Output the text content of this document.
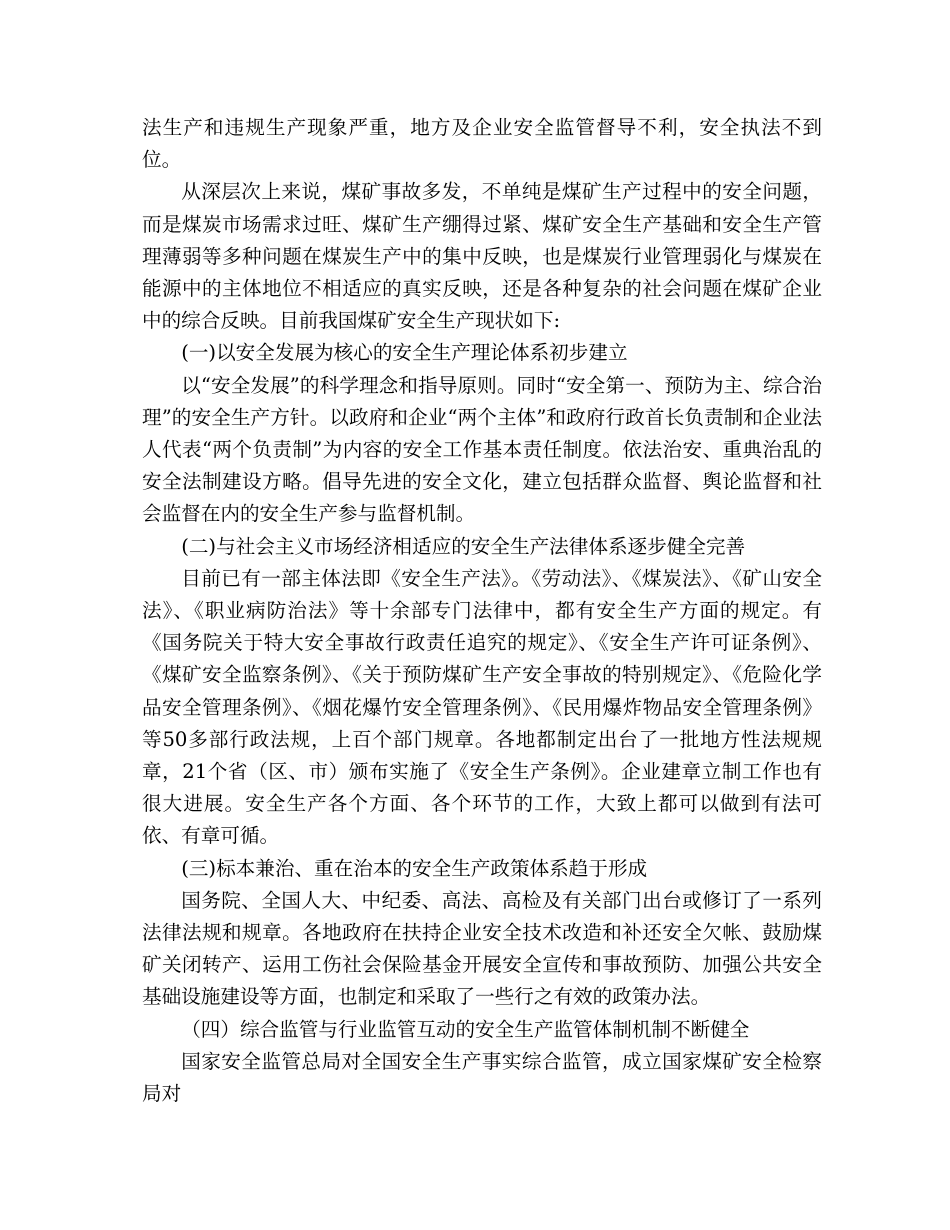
法生产和违规生产现象严重，地方及企业安全监管督导不利，安全执法不到位。

从深层次上来说，煤矿事故多发，不单纯是煤矿生产过程中的安全问题，而是煤炭市场需求过旺、煤矿生产绷得过紧、煤矿安全生产基础和安全生产管理薄弱等多种问题在煤炭生产中的集中反映，也是煤炭行业管理弱化与煤炭在能源中的主体地位不相适应的真实反映，还是各种复杂的社会问题在煤矿企业中的综合反映。目前我国煤矿安全生产现状如下:

(一)以安全发展为核心的安全生产理论体系初步建立

以“安全发展”的科学理念和指导原则。同时“安全第一、预防为主、综合治理”的安全生产方针。以政府和企业“两个主体”和政府行政首长负责制和企业法人代表“两个负责制”为内容的安全工作基本责任制度。依法治安、重典治乱的安全法制建设方略。倡导先进的安全文化，建立包括群众监督、舆论监督和社会监督在内的安全生产参与监督机制。

(二)与社会主义市场经济相适应的安全生产法律体系逐步健全完善

目前已有一部主体法即《安全生产法》。《劳动法》、《煤炭法》、《矿山安全法》、《职业病防治法》等十余部专门法律中，都有安全生产方面的规定。有《国务院关于特大安全事故行政责任追究的规定》、《安全生产许可证条例》、《煤矿安全监察条例》、《关于预防煤矿生产安全事故的特别规定》、《危险化学品安全管理条例》、《烟花爆竹安全管理条例》、《民用爆炸物品安全管理条例》等50多部行政法规，上百个部门规章。各地都制定出台了一批地方性法规规章，21个省（区、市）颁布实施了《安全生产条例》。企业建章立制工作也有很大进展。安全生产各个方面、各个环节的工作，大致上都可以做到有法可依、有章可循。

(三)标本兼治、重在治本的安全生产政策体系趋于形成

国务院、全国人大、中纪委、高法、高检及有关部门出台或修订了一系列法律法规和规章。各地政府在扶持企业安全技术改造和补还安全欠帐、鼓励煤矿关闭转产、运用工伤社会保险基金开展安全宣传和事故预防、加强公共安全基础设施建设等方面，也制定和采取了一些行之有效的政策办法。

（四）综合监管与行业监管互动的安全生产监管体制机制不断健全

国家安全监管总局对全国安全生产事实综合监管，成立国家煤矿安全检察局对
